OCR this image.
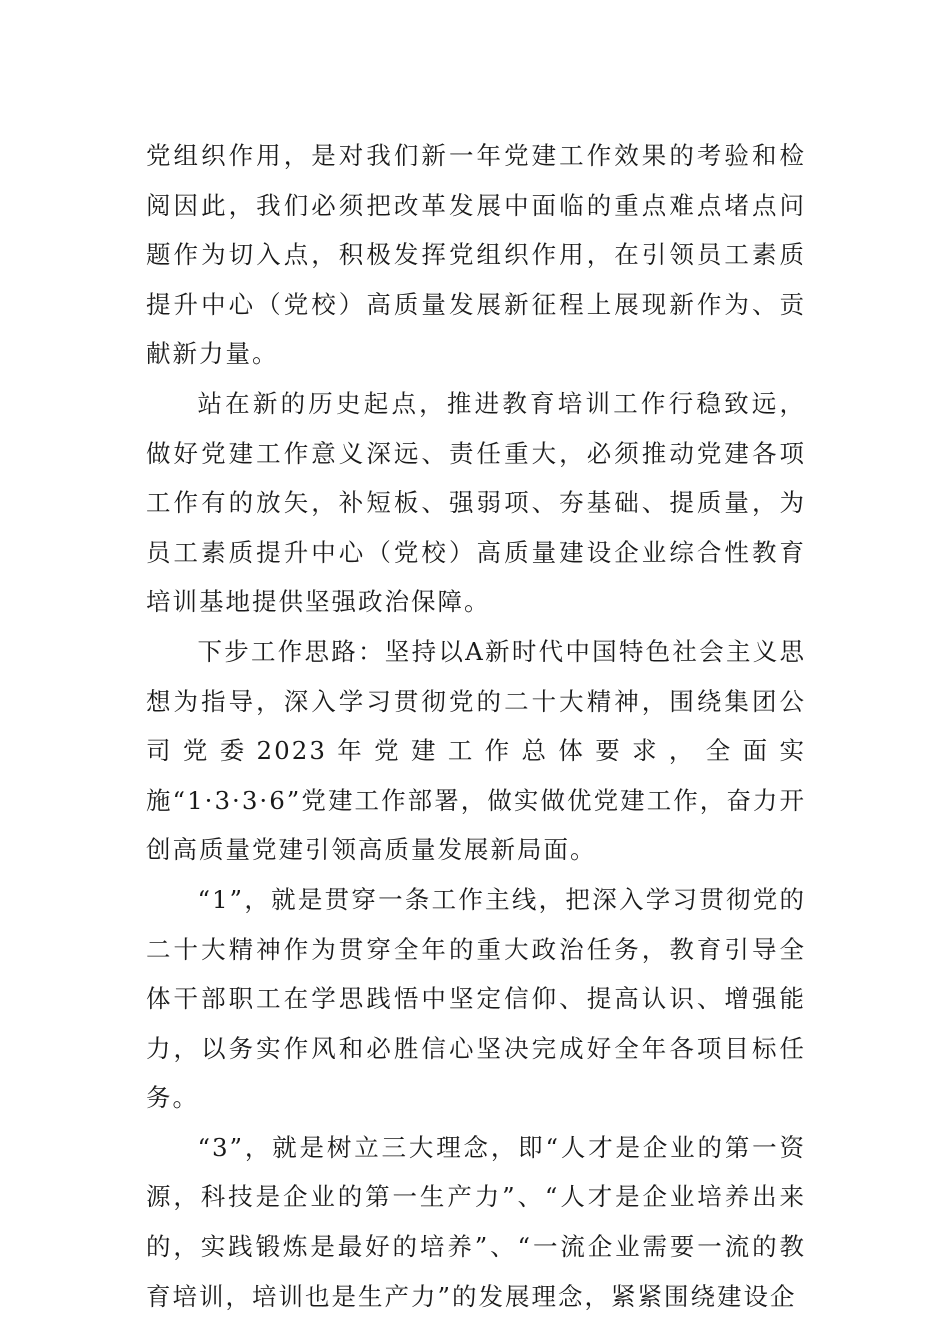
党组织作用，是对我们新一年党建工作效果的考验和检阅因此，我们必须把改革发展中面临的重点难点堵点问题作为切入点，积极发挥党组织作用，在引领员工素质提升中心（党校）高质量发展新征程上展现新作为、贡献新力量。

站在新的历史起点，推进教育培训工作行稳致远，做好党建工作意义深远、责任重大，必须推动党建各项工作有的放矢，补短板、强弱项、夯基础、提质量，为员工素质提升中心（党校）高质量建设企业综合性教育培训基地提供坚强政治保障。

下步工作思路：坚持以A新时代中国特色社会主义思想为指导，深入学习贯彻党的二十大精神，围绕集团公司党委2023年党建工作总体要求，全面实施“1·3·3·6”党建工作部署，做实做优党建工作，奋力开创高质量党建引领高质量发展新局面。

“1”，就是贯穿一条工作主线，把深入学习贯彻党的二十大精神作为贯穿全年的重大政治任务，教育引导全体干部职工在学思践悟中坚定信仰、提高认识、增强能力，以务实作风和必胜信心坚决完成好全年各项目标任务。

“3”，就是树立三大理念，即“人才是企业的第一资源，科技是企业的第一生产力”、“人才是企业培养出来的，实践锻炼是最好的培养”、“一流企业需要一流的教育培训，培训也是生产力”的发展理念，紧紧围绕建设企
